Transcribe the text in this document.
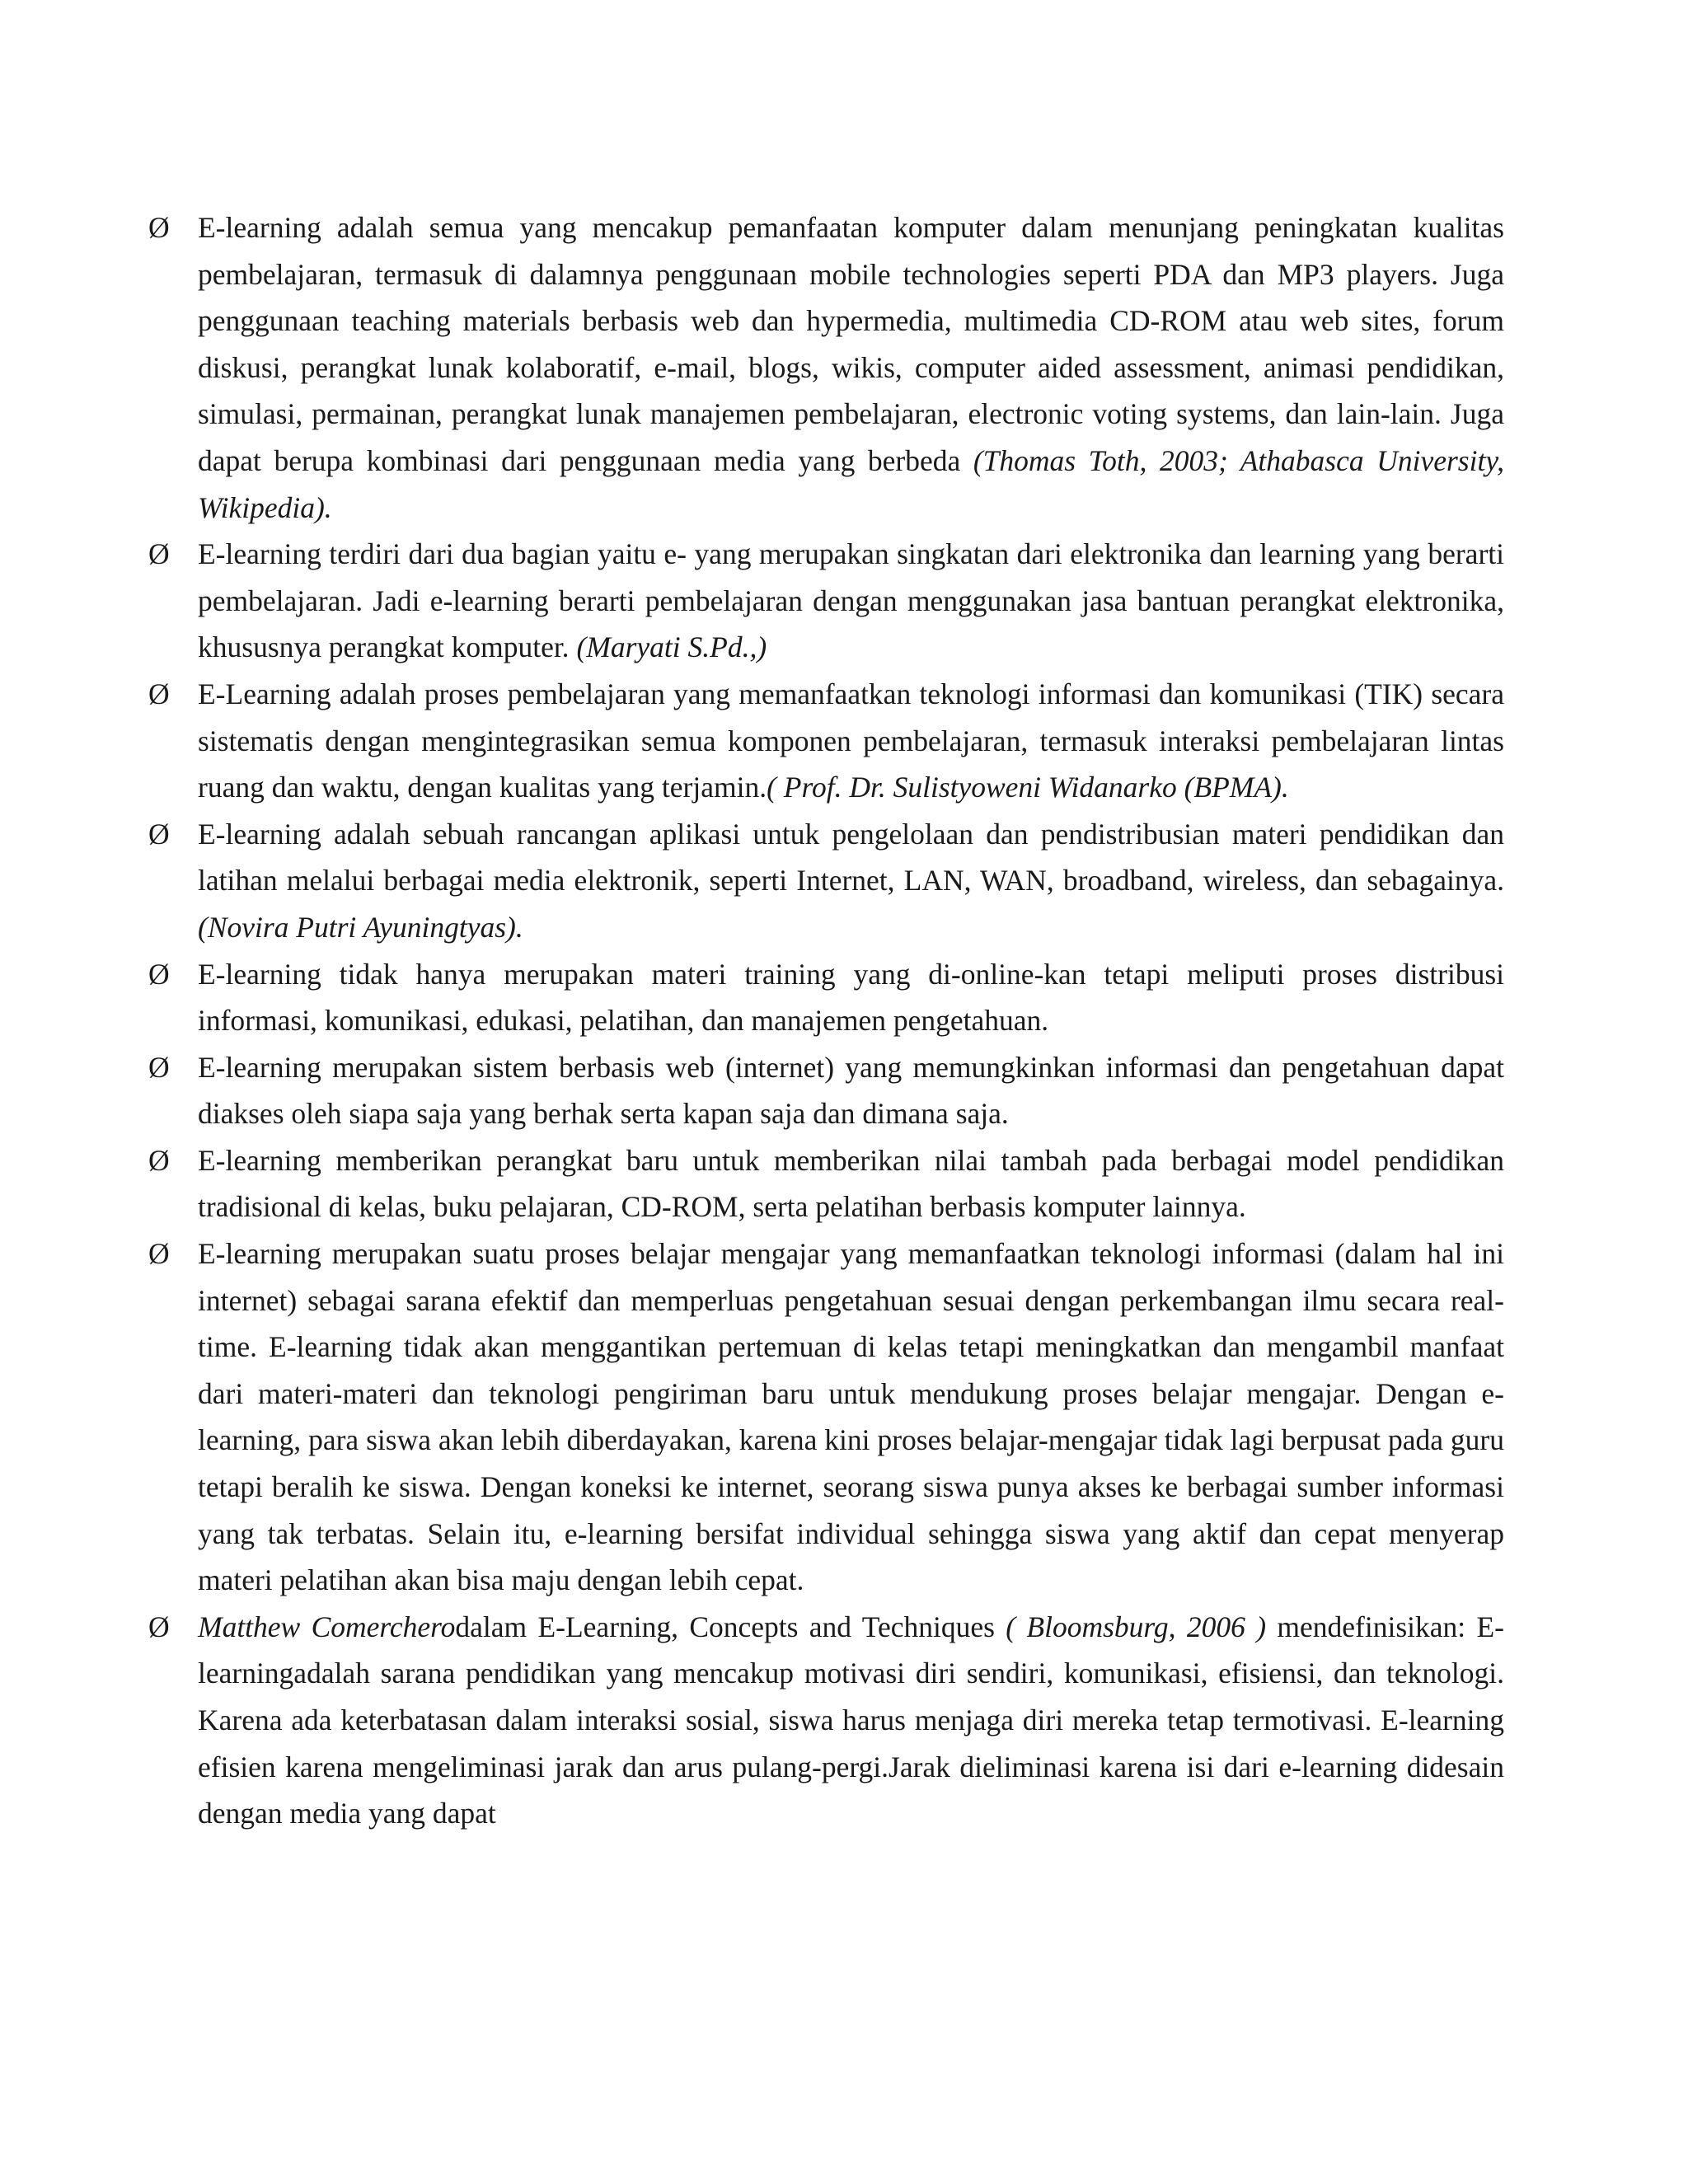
Ø E-learning adalah semua yang mencakup pemanfaatan komputer dalam menunjang peningkatan kualitas pembelajaran, termasuk di dalamnya penggunaan mobile technologies seperti PDA dan MP3 players. Juga penggunaan teaching materials berbasis web dan hypermedia, multimedia CD-ROM atau web sites, forum diskusi, perangkat lunak kolaboratif, e-mail, blogs, wikis, computer aided assessment, animasi pendidikan, simulasi, permainan, perangkat lunak manajemen pembelajaran, electronic voting systems, dan lain-lain. Juga dapat berupa kombinasi dari penggunaan media yang berbeda (Thomas Toth, 2003; Athabasca University, Wikipedia).

Ø E-learning terdiri dari dua bagian yaitu e- yang merupakan singkatan dari elektronika dan learning yang berarti pembelajaran. Jadi e-learning berarti pembelajaran dengan menggunakan jasa bantuan perangkat elektronika, khususnya perangkat komputer. (Maryati S.Pd.,)

Ø E-Learning adalah proses pembelajaran yang memanfaatkan teknologi informasi dan komunikasi (TIK) secara sistematis dengan mengintegrasikan semua komponen pembelajaran, termasuk interaksi pembelajaran lintas ruang dan waktu, dengan kualitas yang terjamin.( Prof. Dr. Sulistyoweni Widanarko (BPMA).

Ø E-learning adalah sebuah rancangan aplikasi untuk pengelolaan dan pendistribusian materi pendidikan dan latihan melalui berbagai media elektronik, seperti Internet, LAN, WAN, broadband, wireless, dan sebagainya. (Novira Putri Ayuningtyas).

Ø E-learning tidak hanya merupakan materi training yang di-online-kan tetapi meliputi proses distribusi informasi, komunikasi, edukasi, pelatihan, dan manajemen pengetahuan.

Ø E-learning merupakan sistem berbasis web (internet) yang memungkinkan informasi dan pengetahuan dapat diakses oleh siapa saja yang berhak serta kapan saja dan dimana saja.

Ø E-learning memberikan perangkat baru untuk memberikan nilai tambah pada berbagai model pendidikan tradisional di kelas, buku pelajaran, CD-ROM, serta pelatihan berbasis komputer lainnya.

Ø E-learning merupakan suatu proses belajar mengajar yang memanfaatkan teknologi informasi (dalam hal ini internet) sebagai sarana efektif dan memperluas pengetahuan sesuai dengan perkembangan ilmu secara real-time. E-learning tidak akan menggantikan pertemuan di kelas tetapi meningkatkan dan mengambil manfaat dari materi-materi dan teknologi pengiriman baru untuk mendukung proses belajar mengajar. Dengan e-learning, para siswa akan lebih diberdayakan, karena kini proses belajar-mengajar tidak lagi berpusat pada guru tetapi beralih ke siswa. Dengan koneksi ke internet, seorang siswa punya akses ke berbagai sumber informasi yang tak terbatas. Selain itu, e-learning bersifat individual sehingga siswa yang aktif dan cepat menyerap materi pelatihan akan bisa maju dengan lebih cepat.

Ø Matthew Comercherodalam E-Learning, Concepts and Techniques ( Bloomsburg, 2006 ) mendefinisikan: E-learningadalah sarana pendidikan yang mencakup motivasi diri sendiri, komunikasi, efisiensi, dan teknologi. Karena ada keterbatasan dalam interaksi sosial, siswa harus menjaga diri mereka tetap termotivasi. E-learning efisien karena mengeliminasi jarak dan arus pulang-pergi.Jarak dieliminasi karena isi dari e-learning didesain dengan media yang dapat
